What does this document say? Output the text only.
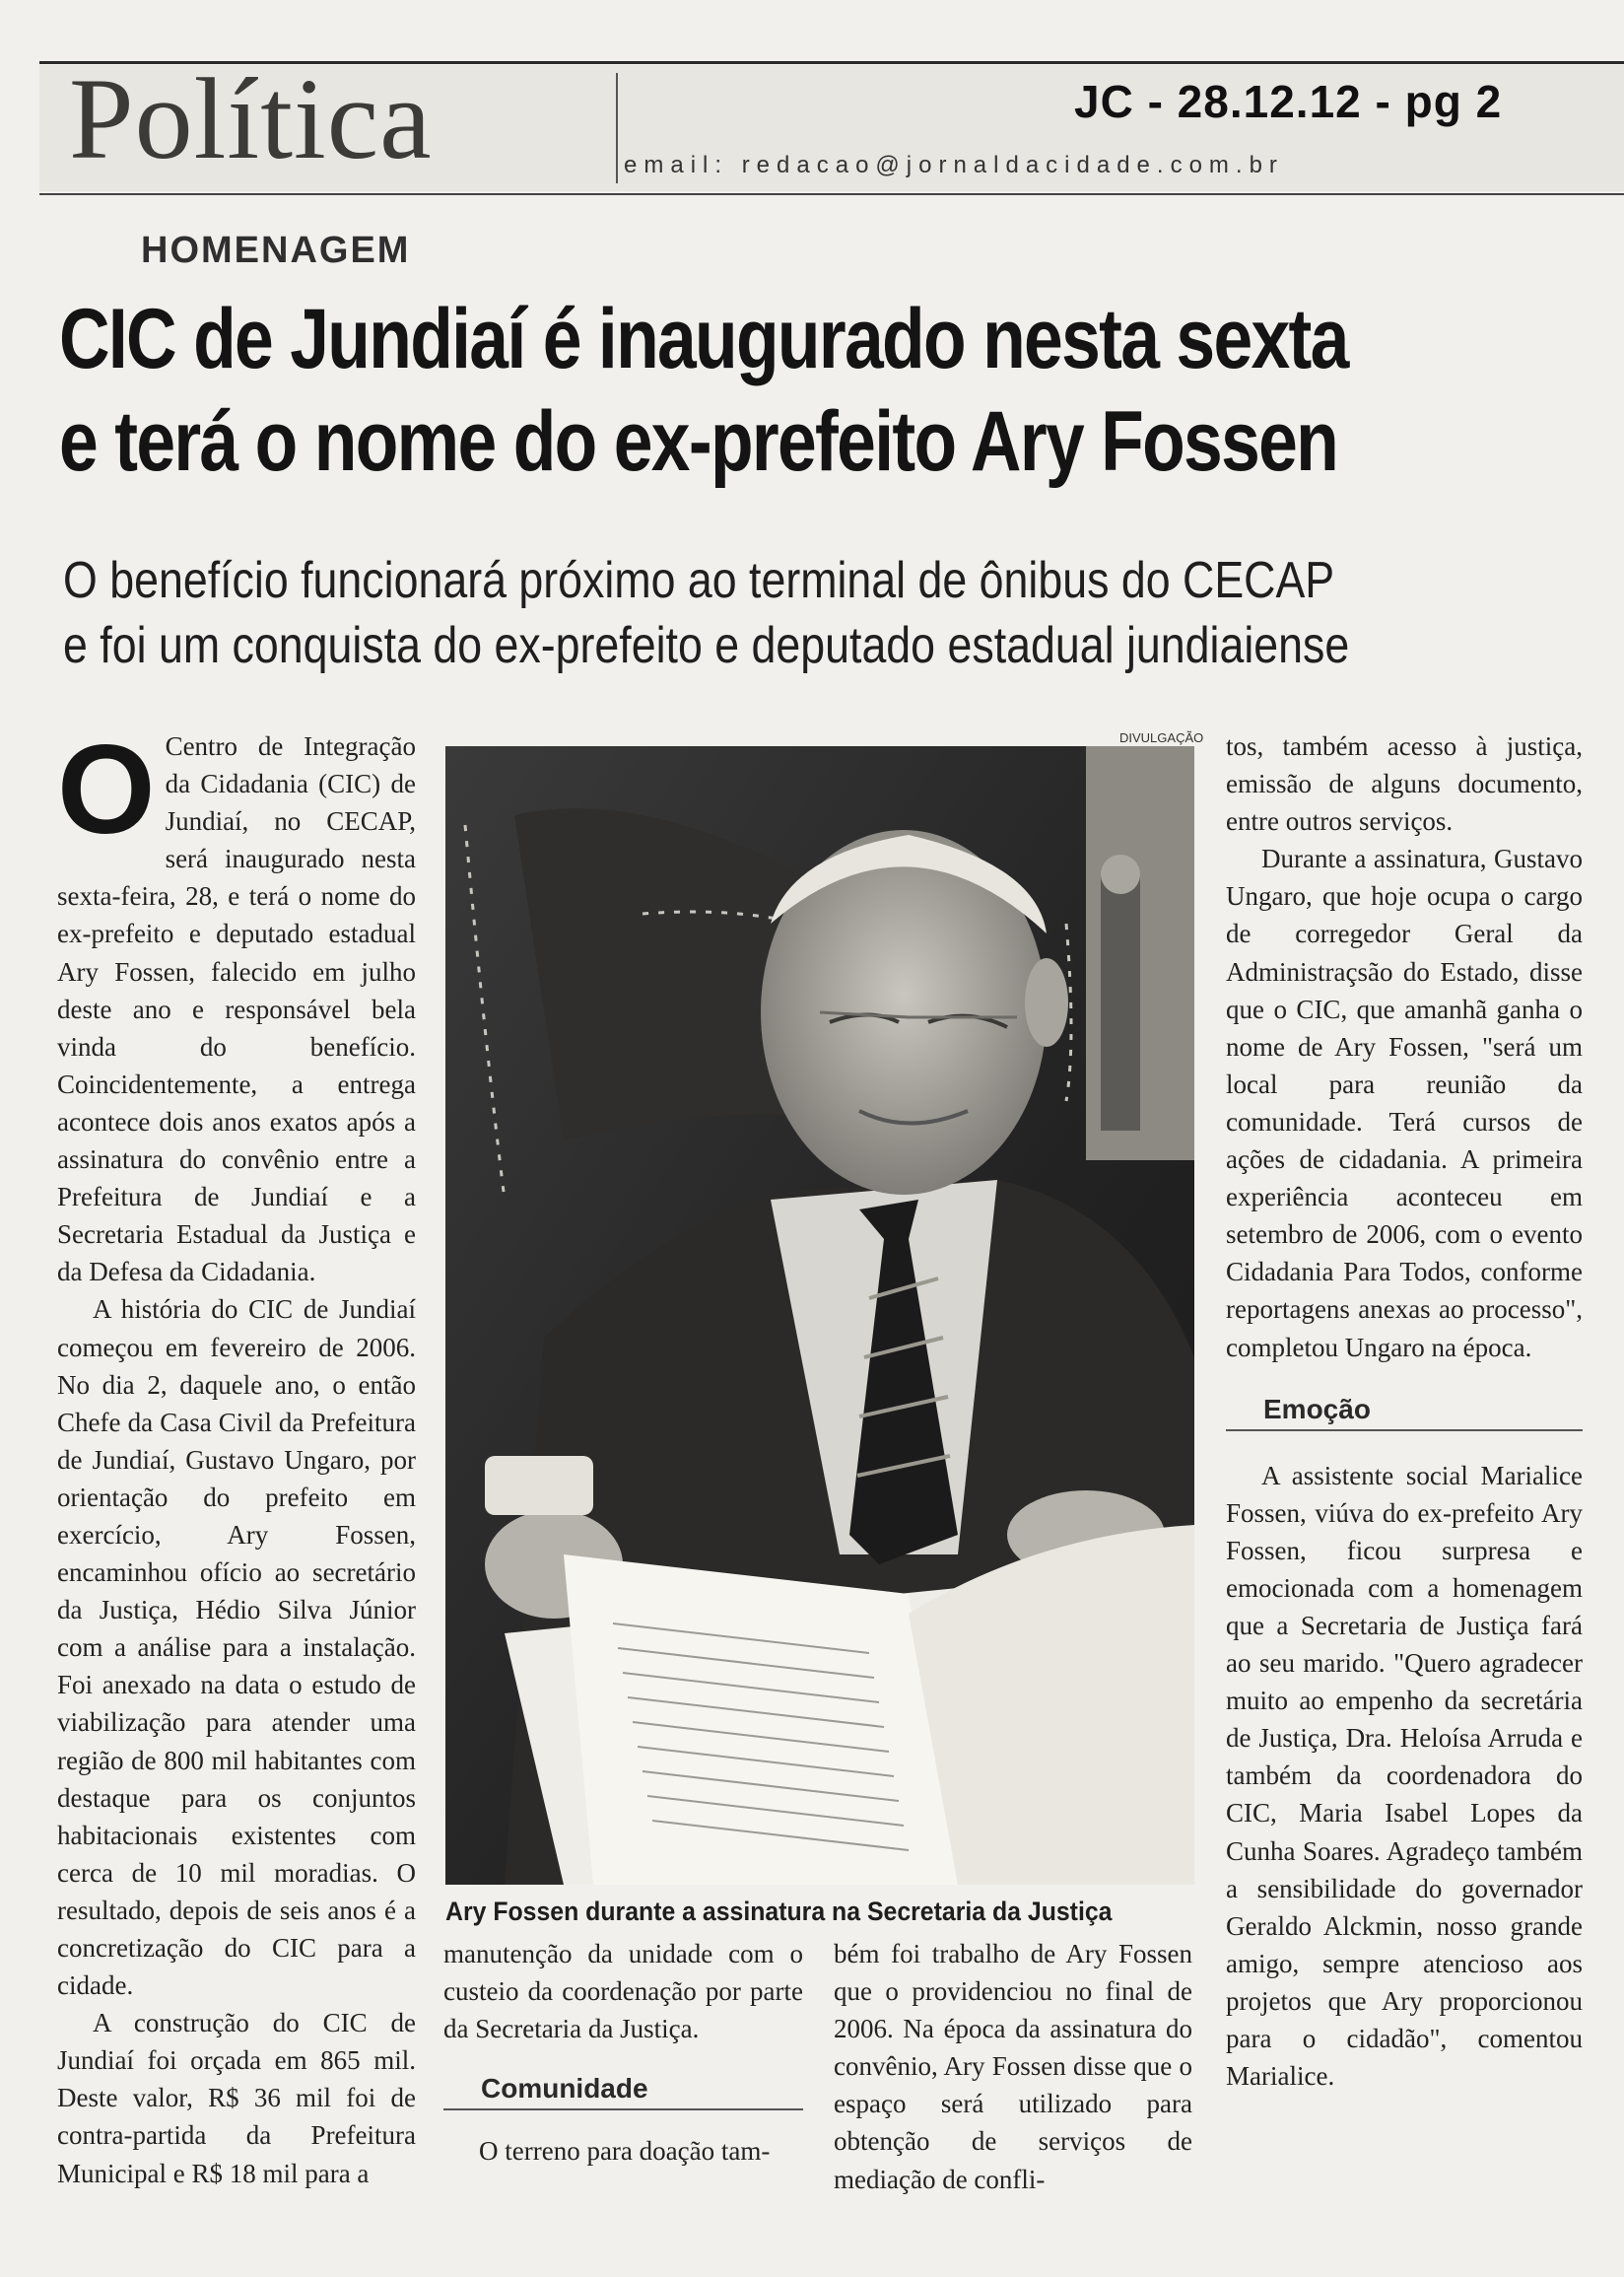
Política	JC - 28.12.12 - pg 2
email: redacao@jornaldacidade.com.br
HOMENAGEM
CIC de Jundiaí é inaugurado nesta sexta
e terá o nome do ex-prefeito Ary Fossen
O benefício funcionará próximo ao terminal de ônibus do CECAP
e foi um conquista do ex-prefeito e deputado estadual jundiaiense

O Centro de Integração da Cidadania (CIC) de Jundiaí, no CECAP, será inaugurado nesta sexta-feira, 28, e terá o nome do ex-prefeito e deputado estadual Ary Fossen, falecido em julho deste ano e responsável bela vinda do benefício. Coincidentemente, a entrega acontece dois anos exatos após a assinatura do convênio entre a Prefeitura de Jundiaí e a Secretaria Estadual da Justiça e da Defesa da Cidadania.

A história do CIC de Jundiaí começou em fevereiro de 2006. No dia 2, daquele ano, o então Chefe da Casa Civil da Prefeitura de Jundiaí, Gustavo Ungaro, por orientação do prefeito em exercício, Ary Fossen, encaminhou ofício ao secretário da Justiça, Hédio Silva Júnior com a análise para a instalação. Foi anexado na data o estudo de viabilização para atender uma região de 800 mil habitantes com destaque para os conjuntos habitacionais existentes com cerca de 10 mil moradias. O resultado, depois de seis anos é a concretização do CIC para a cidade.

A construção do CIC de Jundiaí foi orçada em 865 mil. Deste valor, R$ 36 mil foi de contra-partida da Prefeitura Municipal e R$ 18 mil para a

DIVULGAÇÃO
Ary Fossen durante a assinatura na Secretaria da Justiça

manutenção da unidade com o custeio da coordenação por parte da Secretaria da Justiça.

Comunidade

O terreno para doação tam-

bém foi trabalho de Ary Fossen que o providenciou no final de 2006. Na época da assinatura do convênio, Ary Fossen disse que o espaço será utilizado para obtenção de serviços de mediação de confli-

tos, também acesso à justiça, emissão de alguns documento, entre outros serviços.

Durante a assinatura, Gustavo Ungaro, que hoje ocupa o cargo de corregedor Geral da Administraçsão do Estado, disse que o CIC, que amanhã ganha o nome de Ary Fossen, "será um local para reunião da comunidade. Terá cursos de ações de cidadania. A primeira experiência aconteceu em setembro de 2006, com o evento Cidadania Para Todos, conforme reportagens anexas ao processo", completou Ungaro na época.

Emoção

A assistente social Marialice Fossen, viúva do ex-prefeito Ary Fossen, ficou surpresa e emocionada com a homenagem que a Secretaria de Justiça fará ao seu marido. "Quero agradecer muito ao empenho da secretária de Justiça, Dra. Heloísa Arruda e também da coordenadora do CIC, Maria Isabel Lopes da Cunha Soares. Agradeço também a sensibilidade do governador Geraldo Alckmin, nosso grande amigo, sempre atencioso aos projetos que Ary proporcionou para o cidadão", comentou Marialice.
